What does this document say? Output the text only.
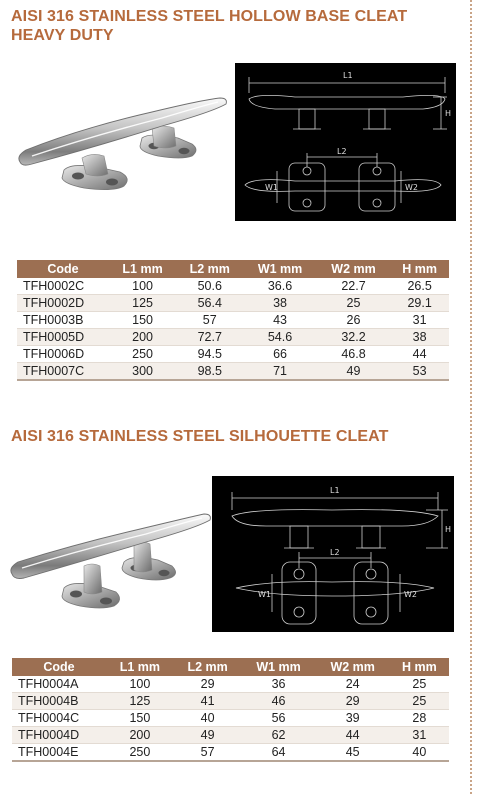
AISI 316 STAINLESS STEEL HOLLOW BASE CLEAT HEAVY DUTY
L1
H
L2
W1	W2
Code	L1 mm	L2 mm	W1 mm	W2 mm	H mm
TFH0002C	100	50.6	36.6	22.7	26.5
TFH0002D	125	56.4	38	25	29.1
TFH0003B	150	57	43	26	31
TFH0005D	200	72.7	54.6	32.2	38
TFH0006D	250	94.5	66	46.8	44
TFH0007C	300	98.5	71	49	53
AISI 316 STAINLESS STEEL SILHOUETTE CLEAT
L1
H
L2
W1	W2
Code	L1 mm	L2 mm	W1 mm	W2 mm	H mm
TFH0004A	100	29	36	24	25
TFH0004B	125	41	46	29	25
TFH0004C	150	40	56	39	28
TFH0004D	200	49	62	44	31
TFH0004E	250	57	64	45	40
